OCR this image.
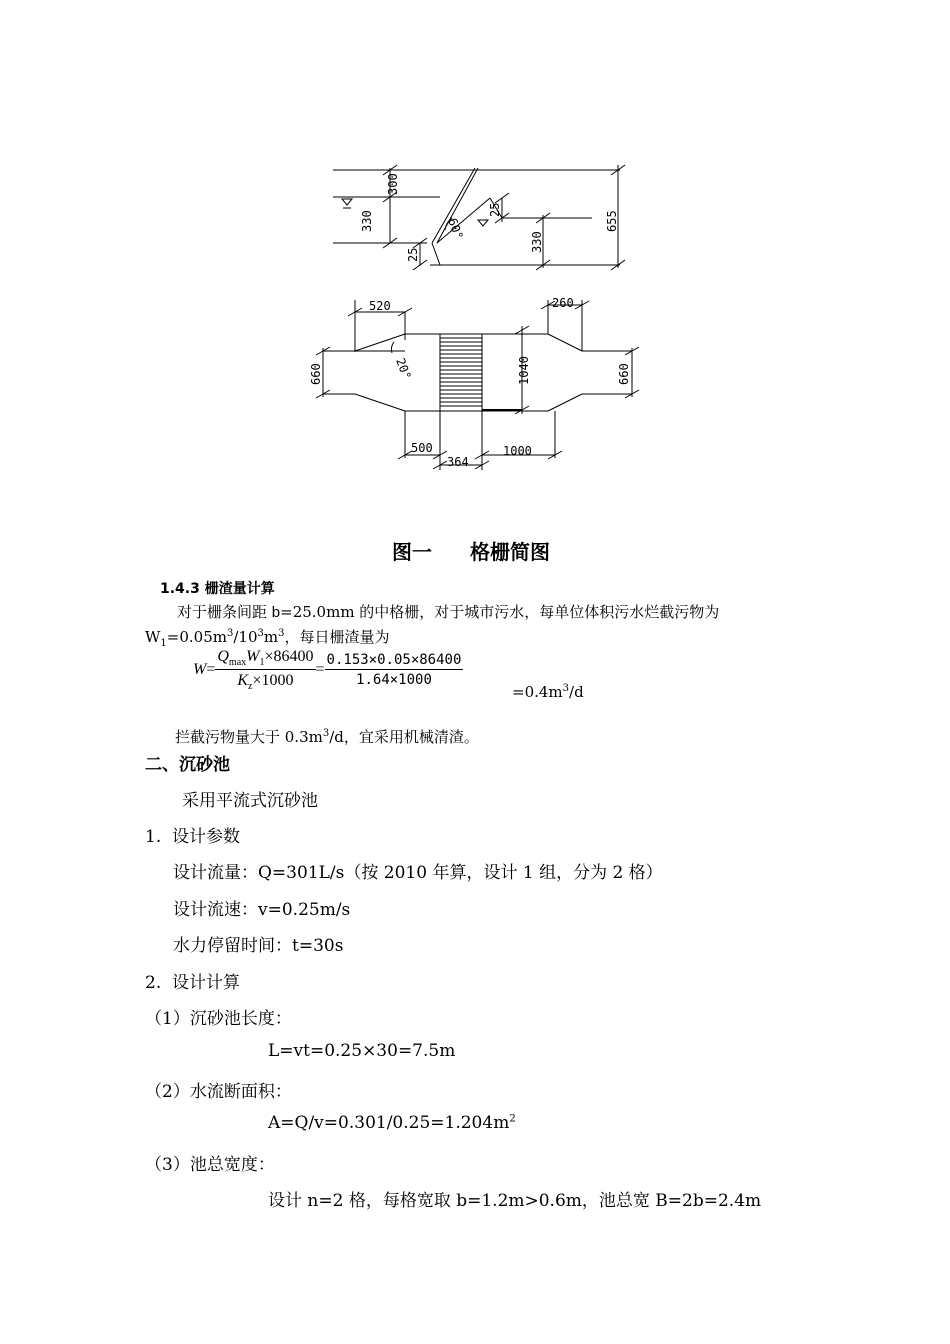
300
330
25
25
330
655
60°
520	260
660	20°	1040	660
500
364
1000
图一 格栅简图
1.4.3 栅渣量计算
对于栅条间距 b=25.0mm 的中格栅，对于城市污水，每单位体积污水烂截污物为
$W_1=0.05m^3/10^3m^3$，每日栅渣量为
$W= \frac{Q_{max}W_1\times 86400}{K_z\times 1000} = \frac{0.153\times 0.05\times 86400}{1.64\times 1000}$
$=0.4m^3/d$
拦截污物量大于 $0.3m^3/d$，宜采用机械清渣。
二、沉砂池
采用平流式沉砂池
1.  设计参数
设计流量：Q=301L/s（按 2010 年算，设计 1 组，分为 2 格）
设计流速：v=0.25m/s
水力停留时间：t=30s
2.  设计计算
（1）沉砂池长度：
L=vt=0.25×30=7.5m
（2）水流断面积：
$A=Q/v=0.301/0.25=1.204m^2$
（3）池总宽度：
设计 n=2 格，每格宽取 b=1.2m>0.6m，池总宽 B=2b=2.4m
